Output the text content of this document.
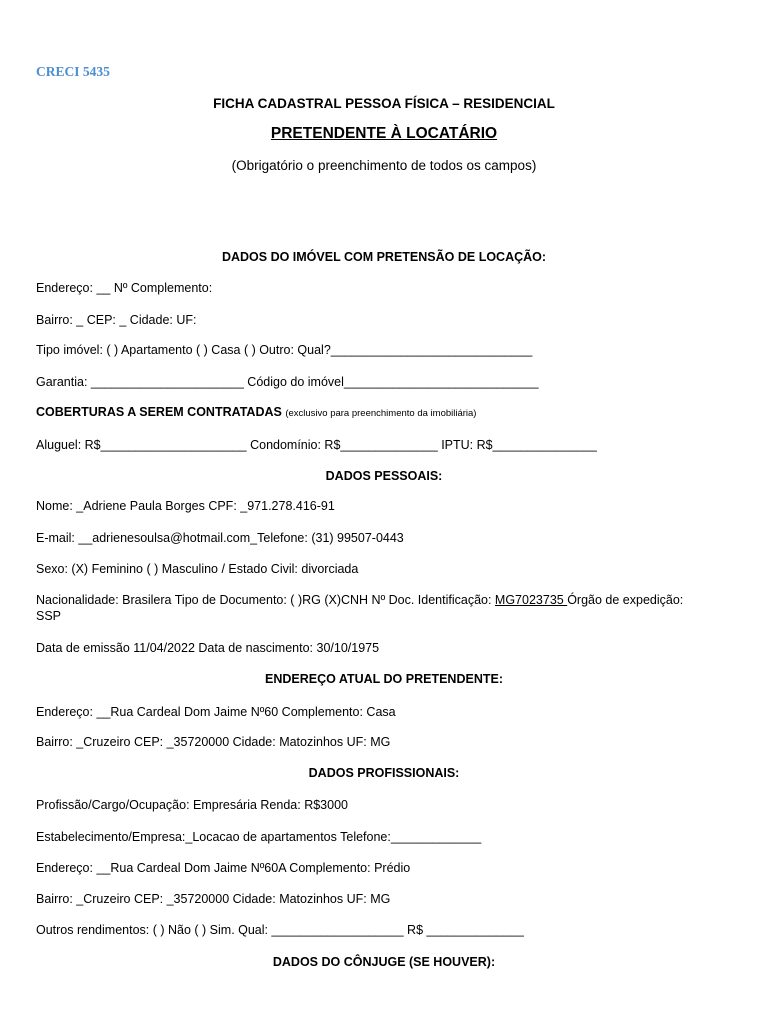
CRECI 5435
FICHA CADASTRAL PESSOA FÍSICA – RESIDENCIAL
PRETENDENTE À LOCATÁRIO
(Obrigatório o preenchimento de todos os campos)
DADOS DO IMÓVEL COM PRETENSÃO DE LOCAÇÃO:
Endereço: __ Nº Complemento:
Bairro: _ CEP: _ Cidade: UF:
Tipo imóvel: ( ) Apartamento ( ) Casa ( ) Outro: Qual?_____________________________
Garantia: ______________________ Código do imóvel____________________________
COBERTURAS A SEREM CONTRATADAS (exclusivo para preenchimento da imobiliária)
Aluguel: R$_____________________ Condomínio: R$______________ IPTU: R$_______________
DADOS PESSOAIS:
Nome: _Adriene Paula Borges CPF: _971.278.416-91
E-mail: __adrienesoulsa@hotmail.com_Telefone: (31) 99507-0443
Sexo: (X) Feminino ( ) Masculino / Estado Civil: divorciada
Nacionalidade: Brasilera Tipo de Documento: ( )RG (X)CNH Nº Doc. Identificação: MG7023735 Órgão de expedição:
SSP
Data de emissão 11/04/2022 Data de nascimento: 30/10/1975
ENDEREÇO ATUAL DO PRETENDENTE:
Endereço: __Rua Cardeal Dom Jaime Nº60 Complemento: Casa
Bairro: _Cruzeiro CEP: _35720000 Cidade: Matozinhos UF: MG
DADOS PROFISSIONAIS:
Profissão/Cargo/Ocupação: Empresária Renda: R$3000
Estabelecimento/Empresa:_Locacao de apartamentos Telefone:_____________
Endereço: __Rua Cardeal Dom Jaime Nº60A Complemento: Prédio
Bairro: _Cruzeiro CEP: _35720000 Cidade: Matozinhos UF: MG
Outros rendimentos: ( ) Não ( ) Sim. Qual: ___________________ R$ ______________
DADOS DO CÔNJUGE (SE HOUVER):
